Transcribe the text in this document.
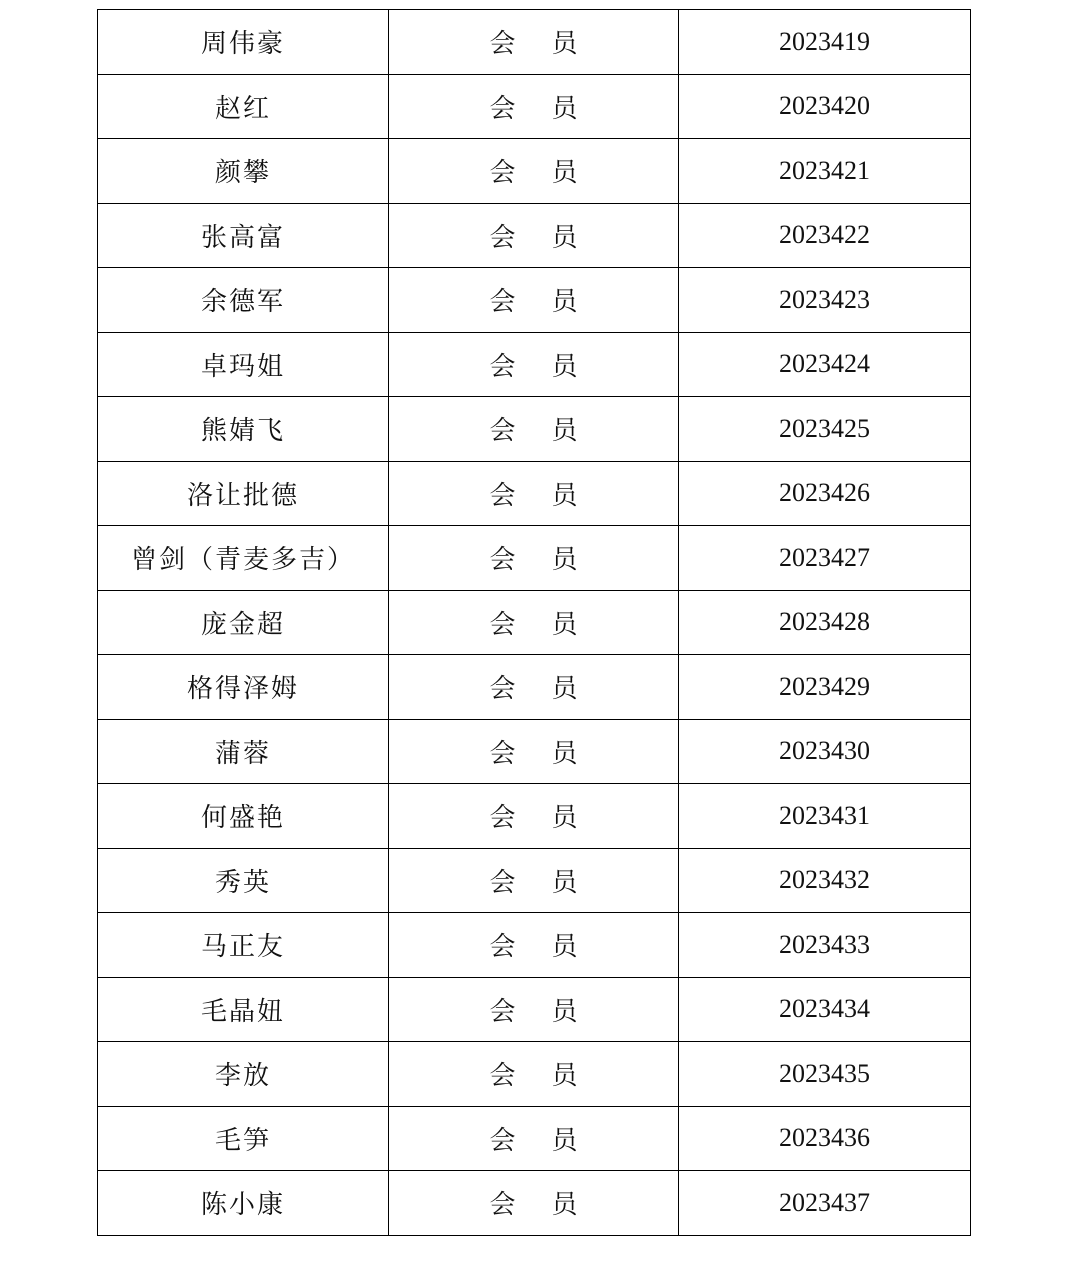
周伟豪	会 员	2023419
赵红	会 员	2023420
颜攀	会 员	2023421
张高富	会 员	2023422
余德军	会 员	2023423
卓玛姐	会 员	2023424
熊婧飞	会 员	2023425
洛让批德	会 员	2023426
曾剑（青麦多吉）	会 员	2023427
庞金超	会 员	2023428
格得泽姆	会 员	2023429
蒲蓉	会 员	2023430
何盛艳	会 员	2023431
秀英	会 员	2023432
马正友	会 员	2023433
毛晶妞	会 员	2023434
李放	会 员	2023435
毛笋	会 员	2023436
陈小康	会 员	2023437
